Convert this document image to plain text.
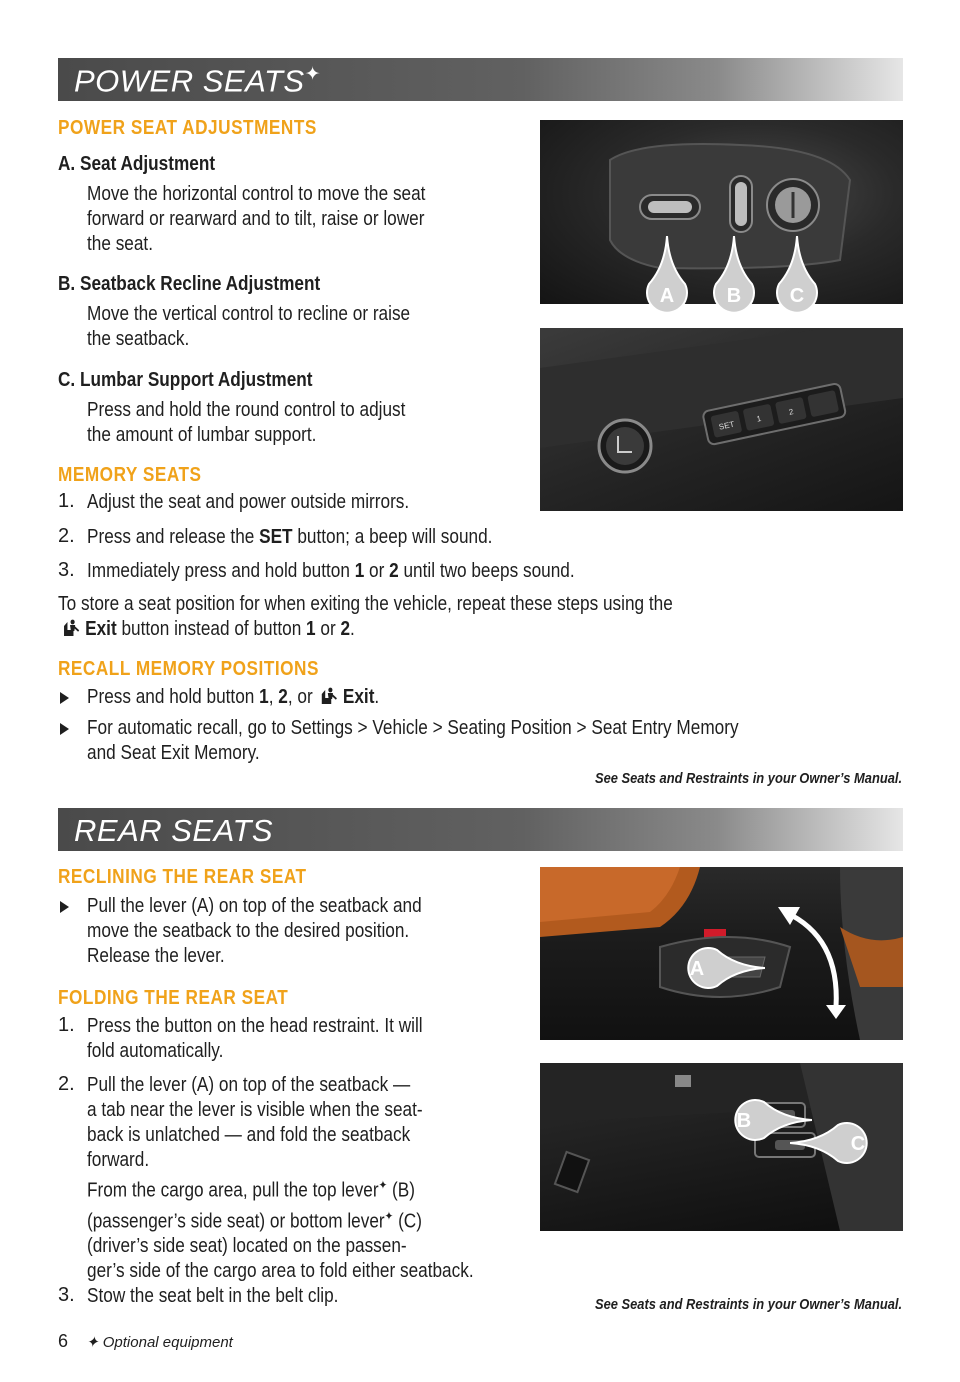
POWER SEATS✦
POWER SEAT ADJUSTMENTS
A. Seat Adjustment
Move the horizontal control to move the seat
forward or rearward and to tilt, raise or lower
the seat.
B. Seatback Recline Adjustment
Move the vertical control to recline or raise
the seatback.
C. Lumbar Support Adjustment
Press and hold the round control to adjust
the amount of lumbar support.
MEMORY SEATS
1. Adjust the seat and power outside mirrors.
2. Press and release the SET button; a beep will sound.
3. Immediately press and hold button 1 or 2 until two beeps sound.
To store a seat position for when exiting the vehicle, repeat these steps using the
Exit button instead of button 1 or 2.
RECALL MEMORY POSITIONS
Press and hold button 1, 2, or  Exit.
For automatic recall, go to Settings > Vehicle > Seating Position > Seat Entry Memory
and Seat Exit Memory.
See Seats and Restraints in your Owner’s Manual.
A	B C
SET
1
2
REAR SEATS
RECLINING THE REAR SEAT
Pull the lever (A) on top of the seatback and
move the seatback to the desired position.
Release the lever.
FOLDING THE REAR SEAT
1. Press the button on the head restraint. It will
fold automatically.
2. Pull the lever (A) on top of the seatback —
a tab near the lever is visible when the seat-
back is unlatched — and fold the seatback
forward.
From the cargo area, pull the top lever✦ (B)
(passenger’s side seat) or bottom lever✦ (C)
(driver’s side seat) located on the passen-
ger’s side of the cargo area to fold either seatback.
3. Stow the seat belt in the belt clip.	See Seats and Restraints in your Owner’s Manual.
A
B
C
6 ✦ Optional equipment
